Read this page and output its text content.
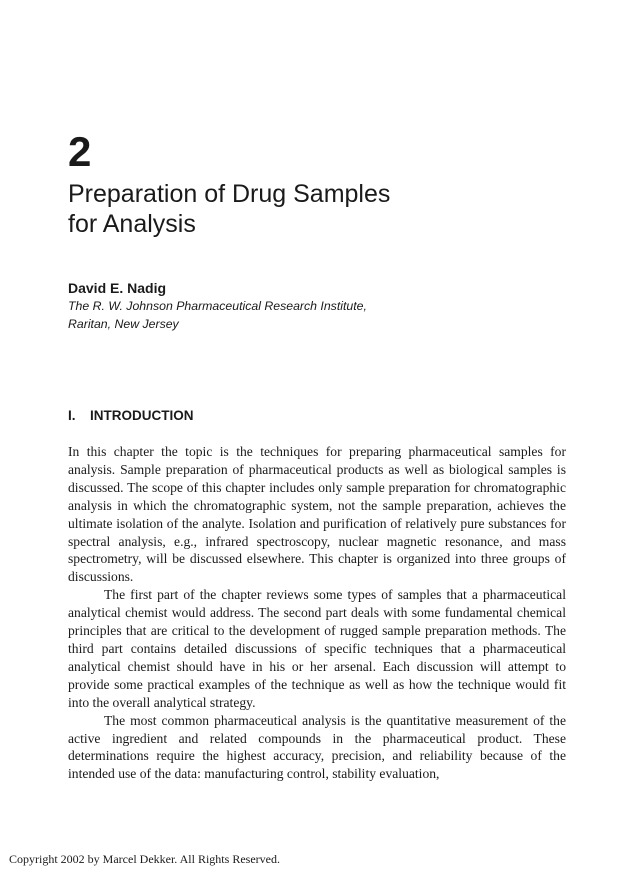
2
Preparation of Drug Samples
for Analysis
David E. Nadig
The R. W. Johnson Pharmaceutical Research Institute,
Raritan, New Jersey
I. INTRODUCTION

In this chapter the topic is the techniques for preparing pharmaceutical samples for analysis. Sample preparation of pharmaceutical products as well as biological samples is discussed. The scope of this chapter includes only sample preparation for chromatographic analysis in which the chromatographic system, not the sample preparation, achieves the ultimate isolation of the analyte. Isolation and purification of relatively pure substances for spectral analysis, e.g., infrared spectroscopy, nuclear magnetic resonance, and mass spectrometry, will be discussed elsewhere. This chapter is organized into three groups of discussions.

The first part of the chapter reviews some types of samples that a pharmaceutical analytical chemist would address. The second part deals with some fundamental chemical principles that are critical to the development of rugged sample preparation methods. The third part contains detailed discussions of specific techniques that a pharmaceutical analytical chemist should have in his or her arsenal. Each discussion will attempt to provide some practical examples of the technique as well as how the technique would fit into the overall analytical strategy.

The most common pharmaceutical analysis is the quantitative measurement of the active ingredient and related compounds in the pharmaceutical product. These determinations require the highest accuracy, precision, and reliability because of the intended use of the data: manufacturing control, stability evaluation,

Copyright 2002 by Marcel Dekker. All Rights Reserved.
